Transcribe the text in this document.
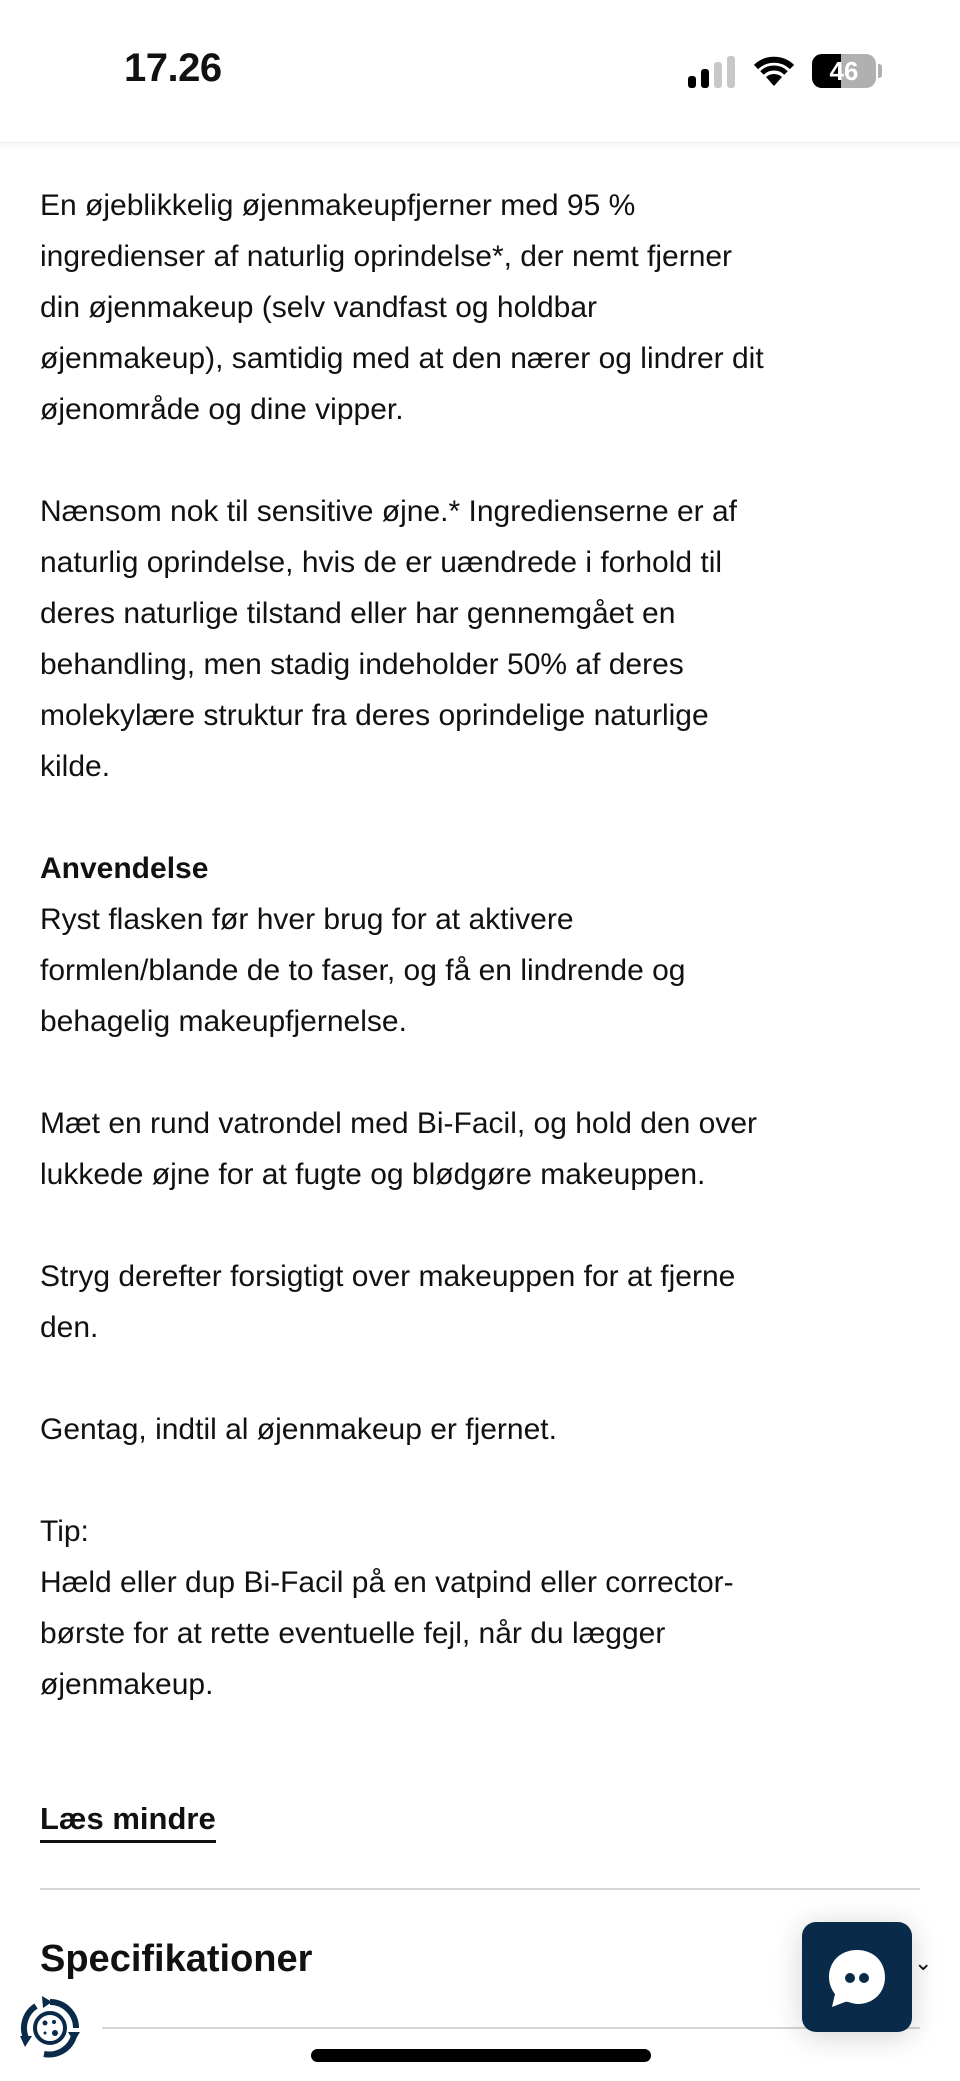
17.26	46
En øjeblikkelig øjenmakeupfjerner med 95 %
ingredienser af naturlig oprindelse*, der nemt fjerner
din øjenmakeup (selv vandfast og holdbar
øjenmakeup), samtidig med at den nærer og lindrer dit
øjenområde og dine vipper.
Nænsom nok til sensitive øjne.* Ingredienserne er af
naturlig oprindelse, hvis de er uændrede i forhold til
deres naturlige tilstand eller har gennemgået en
behandling, men stadig indeholder 50% af deres
molekylære struktur fra deres oprindelige naturlige
kilde.
Anvendelse
Ryst flasken før hver brug for at aktivere
formlen/blande de to faser, og få en lindrende og
behagelig makeupfjernelse.
Mæt en rund vatrondel med Bi-Facil, og hold den over
lukkede øjne for at fugte og blødgøre makeuppen.
Stryg derefter forsigtigt over makeuppen for at fjerne
den.
Gentag, indtil al øjenmakeup er fjernet.
Tip:
Hæld eller dup Bi-Facil på en vatpind eller corrector-
børste for at rette eventuelle fejl, når du lægger
øjenmakeup.
Læs mindre
Specifikationer	⌄
